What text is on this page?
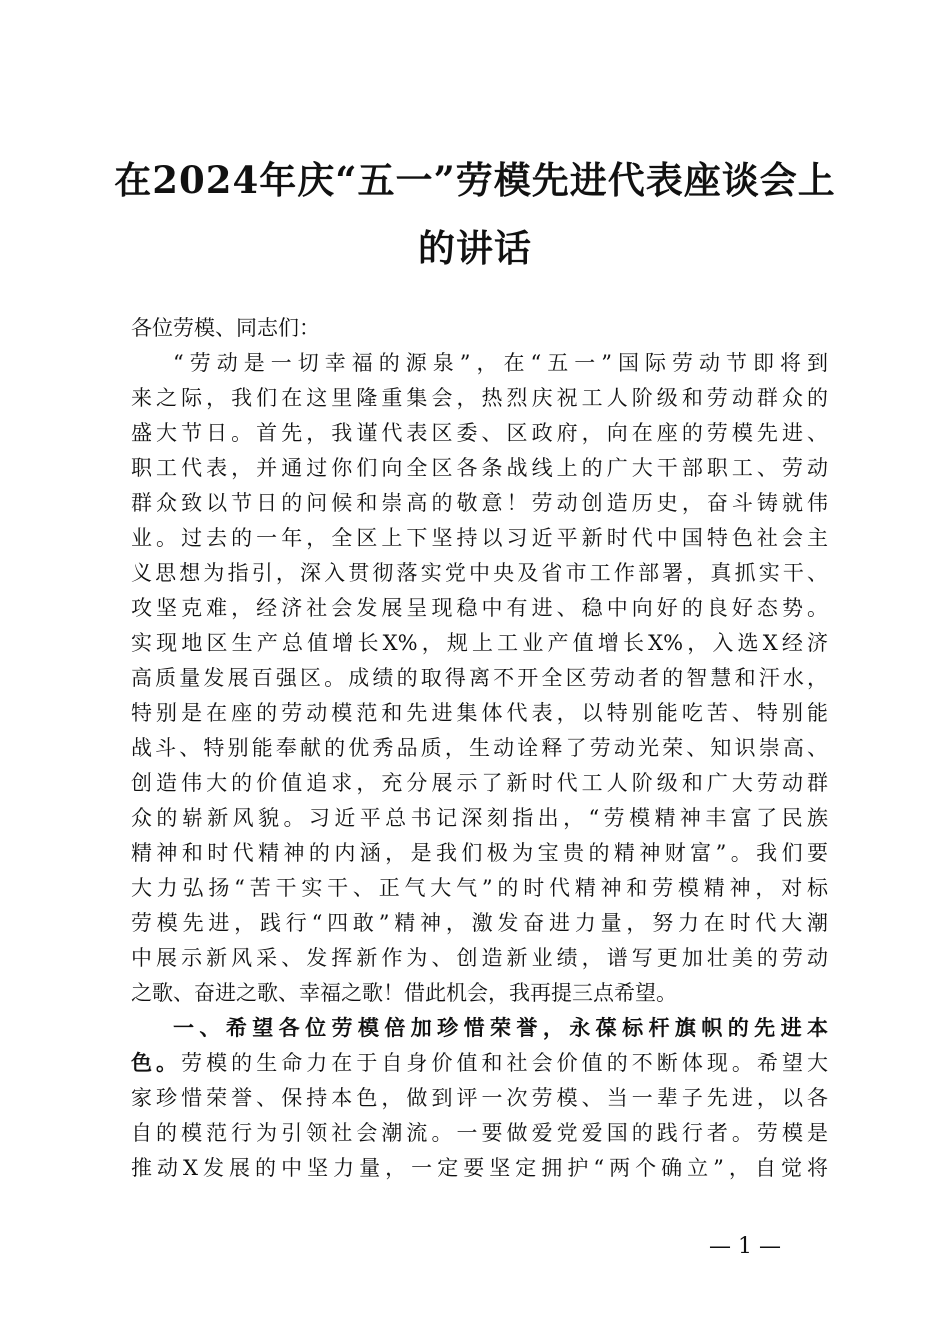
在2024年庆“五一”劳模先进代表座谈会上
的讲话
各位劳模、同志们：
“劳动是一切幸福的源泉”，在“五一”国际劳动节即将到
来之际，我们在这里隆重集会，热烈庆祝工人阶级和劳动群众的
盛大节日。首先，我谨代表区委、区政府，向在座的劳模先进、
职工代表，并通过你们向全区各条战线上的广大干部职工、劳动
群众致以节日的问候和崇高的敬意！劳动创造历史，奋斗铸就伟
业。过去的一年，全区上下坚持以习近平新时代中国特色社会主
义思想为指引，深入贯彻落实党中央及省市工作部署，真抓实干、
攻坚克难，经济社会发展呈现稳中有进、稳中向好的良好态势。
实现地区生产总值增长X%，规上工业产值增长X%，入选X经济
高质量发展百强区。成绩的取得离不开全区劳动者的智慧和汗水，
特别是在座的劳动模范和先进集体代表，以特别能吃苦、特别能
战斗、特别能奉献的优秀品质，生动诠释了劳动光荣、知识崇高、
创造伟大的价值追求，充分展示了新时代工人阶级和广大劳动群
众的崭新风貌。习近平总书记深刻指出，“劳模精神丰富了民族
精神和时代精神的内涵，是我们极为宝贵的精神财富”。我们要
大力弘扬“苦干实干、正气大气”的时代精神和劳模精神，对标
劳模先进，践行“四敢”精神，激发奋进力量，努力在时代大潮
中展示新风采、发挥新作为、创造新业绩，谱写更加壮美的劳动
之歌、奋进之歌、幸福之歌！借此机会，我再提三点希望。
一、希望各位劳模倍加珍惜荣誉，永葆标杆旗帜的先进本
色。劳模的生命力在于自身价值和社会价值的不断体现。希望大
家珍惜荣誉、保持本色，做到评一次劳模、当一辈子先进，以各
自的模范行为引领社会潮流。一要做爱党爱国的践行者。劳模是
推动X发展的中坚力量，一定要坚定拥护“两个确立”，自觉将
— 1 —
